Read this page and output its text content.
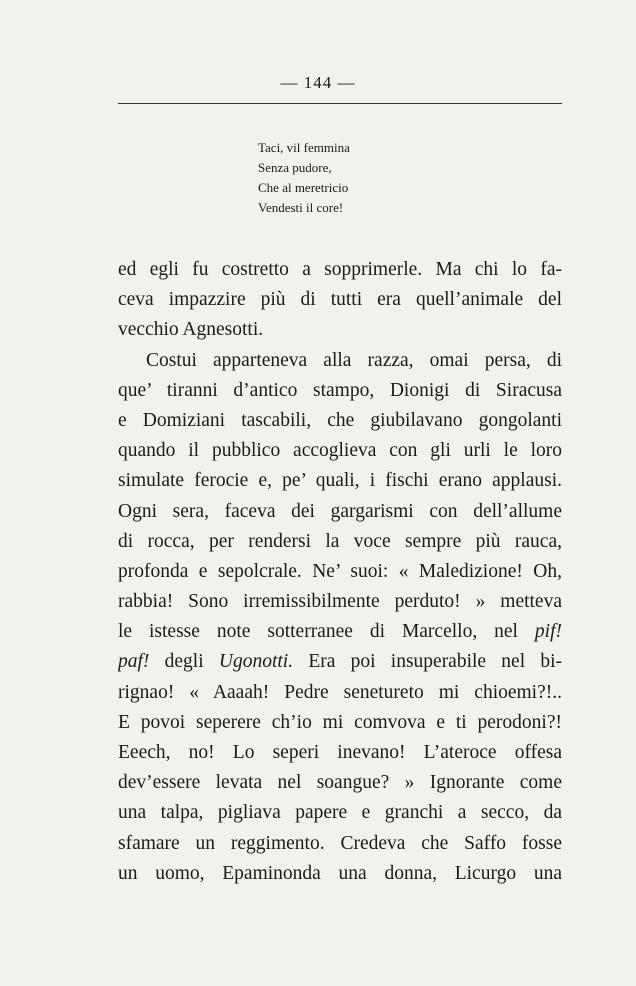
— 144 —
Taci, vil femmina
Senza pudore,
Che al meretricio
Vendesti il core!
ed egli fu costretto a sopprimerle. Ma chi lo fa-
ceva impazzire più di tutti era quell’animale del
vecchio Agnesotti.
Costui apparteneva alla razza, omai persa, di
que’ tiranni d’antico stampo, Dionigi di Siracusa
e Domiziani tascabili, che giubilavano gongolanti
quando il pubblico accoglieva con gli urli le loro
simulate ferocie e, pe’ quali, i fischi erano applausi.
Ogni sera, faceva dei gargarismi con dell’allume
di rocca, per rendersi la voce sempre più rauca,
profonda e sepolcrale. Ne’ suoi: « Maledizione! Oh,
rabbia! Sono irremissibilmente perduto! » metteva
le istesse note sotterranee di Marcello, nel pif!
paf! degli Ugonotti. Era poi insuperabile nel bi-
rignao! « Aaaah! Pedre senetureto mi chioemi?!..
E povoi seperere ch’io mi comvova e ti perodoni?!
Eeech, no! Lo seperi inevano! L’ateroce offesa
dev’essere levata nel soangue? » Ignorante come
una talpa, pigliava papere e granchi a secco, da
sfamare un reggimento. Credeva che Saffo fosse
un uomo, Epaminonda una donna, Licurgo una
